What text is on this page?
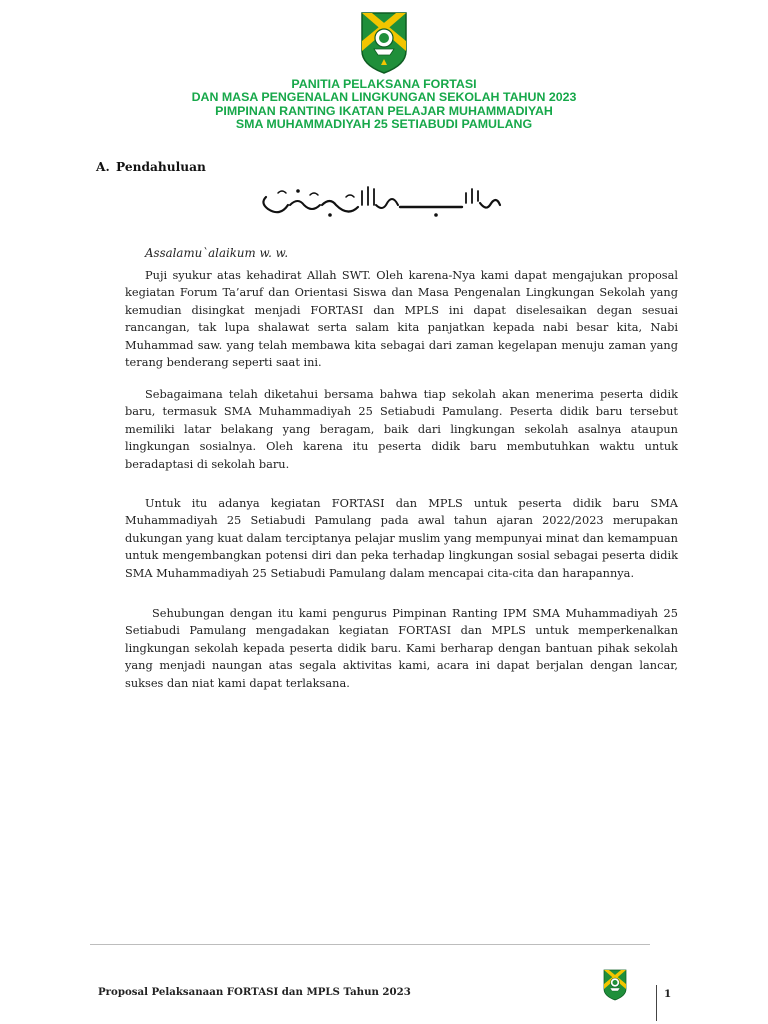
PANITIA PELAKSANA FORTASI
DAN MASA PENGENALAN LINGKUNGAN SEKOLAH TAHUN 2023
PIMPINAN RANTING IKATAN PELAJAR MUHAMMADIYAH
SMA MUHAMMADIYAH 25 SETIABUDI PAMULANG
A. Pendahuluan
Assalamu`alaikum w. w.

Puji syukur atas kehadirat Allah SWT. Oleh karena-Nya kami dapat mengajukan proposal kegiatan Forum Ta’aruf dan Orientasi Siswa dan Masa Pengenalan Lingkungan Sekolah yang kemudian disingkat menjadi FORTASI dan MPLS ini dapat diselesaikan degan sesuai rancangan, tak lupa shalawat serta salam kita panjatkan kepada nabi besar kita, Nabi Muhammad saw. yang telah membawa kita sebagai dari zaman kegelapan menuju zaman yang terang benderang seperti saat ini.

Sebagaimana telah diketahui bersama bahwa tiap sekolah akan menerima peserta didik baru, termasuk SMA Muhammadiyah 25 Setiabudi Pamulang. Peserta didik baru tersebut memiliki latar belakang yang beragam, baik dari lingkungan sekolah asalnya ataupun lingkungan sosialnya. Oleh karena itu peserta didik baru membutuhkan waktu untuk beradaptasi di sekolah baru.

Untuk itu adanya kegiatan FORTASI dan MPLS untuk peserta didik baru SMA Muhammadiyah 25 Setiabudi Pamulang pada awal tahun ajaran 2022/2023 merupakan dukungan yang kuat dalam terciptanya pelajar muslim yang mempunyai minat dan kemampuan untuk mengembangkan potensi diri dan peka terhadap lingkungan sosial sebagai peserta didik SMA Muhammadiyah 25 Setiabudi Pamulang dalam mencapai cita-cita dan harapannya.

Sehubungan dengan itu kami pengurus Pimpinan Ranting IPM SMA Muhammadiyah 25 Setiabudi Pamulang mengadakan kegiatan FORTASI dan MPLS untuk memperkenalkan lingkungan sekolah kepada peserta didik baru. Kami berharap dengan bantuan pihak sekolah yang menjadi naungan atas segala aktivitas kami, acara ini dapat berjalan dengan lancar, sukses dan niat kami dapat terlaksana.

Proposal Pelaksanaan FORTASI dan MPLS Tahun 2023	1
